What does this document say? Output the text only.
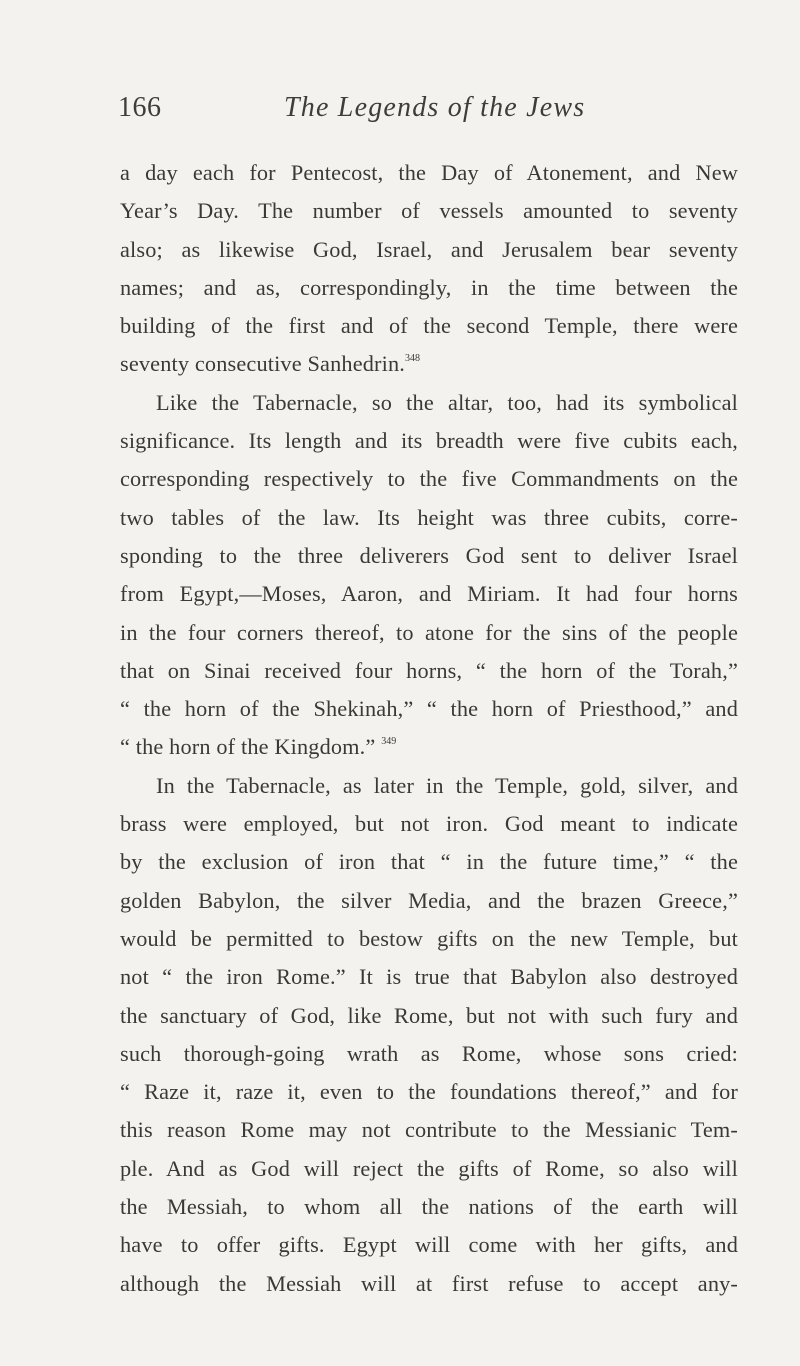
166	The Legends of the Jews
a day each for Pentecost, the Day of Atonement, and New
Year’s Day. The number of vessels amounted to seventy
also; as likewise God, Israel, and Jerusalem bear seventy
names; and as, correspondingly, in the time between the
building of the first and of the second Temple, there were
seventy consecutive Sanhedrin.$^{348}$
Like the Tabernacle, so the altar, too, had its symbolical
significance. Its length and its breadth were five cubits each,
corresponding respectively to the five Commandments on the
two tables of the law. Its height was three cubits, corre-
sponding to the three deliverers God sent to deliver Israel
from Egypt,—Moses, Aaron, and Miriam. It had four horns
in the four corners thereof, to atone for the sins of the people
that on Sinai received four horns, “ the horn of the Torah,”
“ the horn of the Shekinah,” “ the horn of Priesthood,” and
“ the horn of the Kingdom.” $^{349}$
In the Tabernacle, as later in the Temple, gold, silver, and
brass were employed, but not iron. God meant to indicate
by the exclusion of iron that “ in the future time,” “ the
golden Babylon, the silver Media, and the brazen Greece,”
would be permitted to bestow gifts on the new Temple, but
not “ the iron Rome.” It is true that Babylon also destroyed
the sanctuary of God, like Rome, but not with such fury and
such thorough-going wrath as Rome, whose sons cried:
“ Raze it, raze it, even to the foundations thereof,” and for
this reason Rome may not contribute to the Messianic Tem-
ple. And as God will reject the gifts of Rome, so also will
the Messiah, to whom all the nations of the earth will
have to offer gifts. Egypt will come with her gifts, and
although the Messiah will at first refuse to accept any-
